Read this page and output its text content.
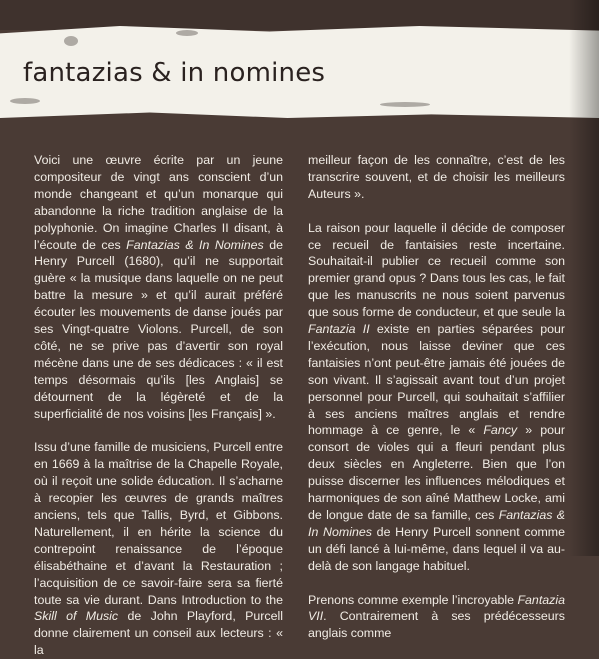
fantazias & in nomines

Voici une œuvre écrite par un jeune compositeur de vingt ans conscient d’un monde changeant et qu’un monarque qui abandonne la riche tradition anglaise de la polyphonie. On imagine Charles II disant, à l’écoute de ces Fantazias & In Nomines de Henry Purcell (1680), qu’il ne supportait guère « la musique dans laquelle on ne peut battre la mesure » et qu’il aurait préféré écouter les mouvements de danse joués par ses Vingt-quatre Violons. Purcell, de son côté, ne se prive pas d’avertir son royal mécène dans une de ses dédicaces : « il est temps désormais qu’ils [les Anglais] se détournent de la légèreté et de la superficialité de nos voisins [les Français] ».

Issu d’une famille de musiciens, Purcell entre en 1669 à la maîtrise de la Chapelle Royale, où il reçoit une solide éducation. Il s’acharne à recopier les œuvres de grands maîtres anciens, tels que Tallis, Byrd, et Gibbons. Naturellement, il en hérite la science du contrepoint renaissance de l’époque élisabéthaine et d’avant la Restauration ; l’acquisition de ce savoir-faire sera sa fierté toute sa vie durant. Dans Introduction to the Skill of Music de John Playford, Purcell donne clairement un conseil aux lecteurs : « la

meilleur façon de les connaître, c’est de les transcrire souvent, et de choisir les meilleurs Auteurs ».

La raison pour laquelle il décide de composer ce recueil de fantaisies reste incertaine. Souhaitait-il publier ce recueil comme son premier grand opus ? Dans tous les cas, le fait que les manuscrits ne nous soient parvenus que sous forme de conducteur, et que seule la Fantazia II existe en parties séparées pour l’exécution, nous laisse deviner que ces fantaisies n’ont peut-être jamais été jouées de son vivant. Il s’agissait avant tout d’un projet personnel pour Purcell, qui souhaitait s’affilier à ses anciens maîtres anglais et rendre hommage à ce genre, le « Fancy » pour consort de violes qui a fleuri pendant plus deux siècles en Angleterre. Bien que l’on puisse discerner les influences mélodiques et harmoniques de son aîné Matthew Locke, ami de longue date de sa famille, ces Fantazias & In Nomines de Henry Purcell sonnent comme un défi lancé à lui-même, dans lequel il va au-delà de son langage habituel.

Prenons comme exemple l’incroyable Fantazia VII. Contrairement à ses prédécesseurs anglais comme
